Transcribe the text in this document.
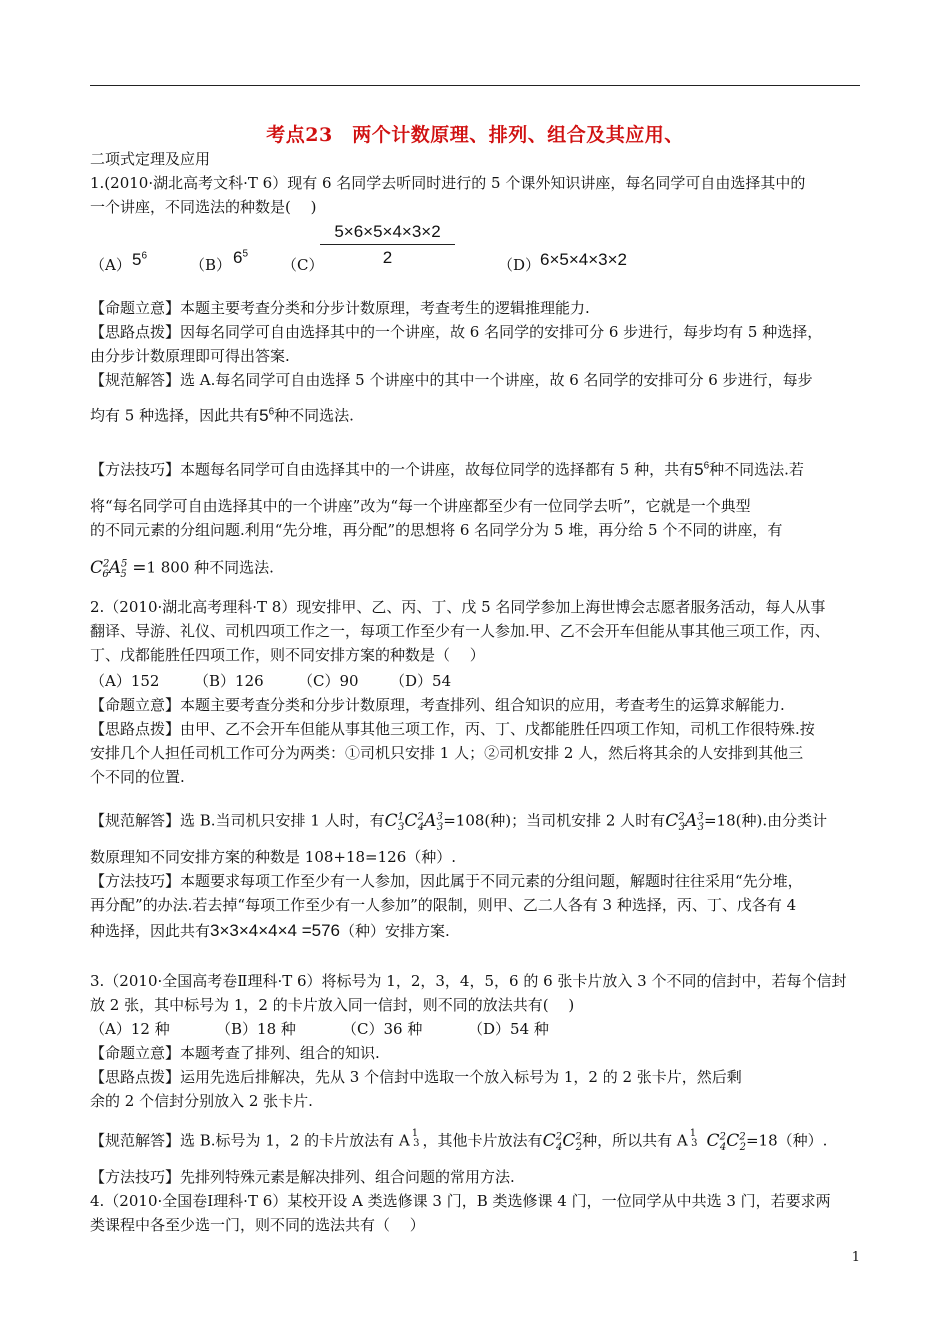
考点23　两个计数原理、排列、组合及其应用、
二项式定理及应用
1.(2010·湖北高考文科·T 6）现有 6 名同学去听同时进行的 5 个课外知识讲座，每名同学可自由选择其中的
一个讲座，不同选法的种数是(　 )
（A） $5^6$
（B） $6^5$
（C）
5×6×5×4×3×2
2	（D） 6×5×4×3×2
【命题立意】本题主要考查分类和分步计数原理，考查考生的逻辑推理能力.
【思路点拨】因每名同学可自由选择其中的一个讲座，故 6 名同学的安排可分 6 步进行，每步均有 5 种选择，
由分步计数原理即可得出答案.
【规范解答】选 A.每名同学可自由选择 5 个讲座中的其中一个讲座，故 6 名同学的安排可分 6 步进行，每步
均有 5 种选择，因此共有$5^6$种不同选法.
【方法技巧】本题每名同学可自由选择其中的一个讲座，故每位同学的选择都有 5 种，共有$5^6$种不同选法.若
将“每名同学可自由选择其中的一个讲座”改为“每一个讲座都至少有一位同学去听”，它就是一个典型
的不同元素的分组问题.利用“先分堆，再分配”的思想将 6 名同学分为 5 堆，再分给 5 个不同的讲座，有
$C^2_6A^5_5 =1$ 800 种不同选法.
2.（2010·湖北高考理科·T 8）现安排甲、乙、丙、丁、戊 5 名同学参加上海世博会志愿者服务活动，每人从事
翻译、导游、礼仪、司机四项工作之一，每项工作至少有一人参加.甲、乙不会开车但能从事其他三项工作，丙、
丁、戊都能胜任四项工作，则不同安排方案的种数是（　 ）
（A）152 （B）126 （C）90 （D）54
【命题立意】本题主要考查分类和分步计数原理，考查排列、组合知识的应用，考查考生的运算求解能力.
【思路点拨】由甲、乙不会开车但能从事其他三项工作，丙、丁、戊都能胜任四项工作知，司机工作很特殊.按
安排几个人担任司机工作可分为两类：①司机只安排 1 人；②司机安排 2 人，然后将其余的人安排到其他三
个不同的位置.
【规范解答】选 B.当司机只安排 1 人时，有$C^1_3C^2_4A^3_3=108$(种)；当司机安排 2 人时有$C^2_3A^3_3=18$(种).由分类计
数原理知不同安排方案的种数是 108+18=126（种）.
【方法技巧】本题要求每项工作至少有一人参加，因此属于不同元素的分组问题，解题时往往采用“先分堆，
再分配”的办法.若去掉“每项工作至少有一人参加”的限制，则甲、乙二人各有 3 种选择，丙、丁、戊各有 4
种选择，因此共有3×3×4×4×4 =576（种）安排方案.
3.（2010·全国高考卷Ⅱ理科·T 6）将标号为 1，2，3，4，5，6 的 6 张卡片放入 3 个不同的信封中，若每个信封
放 2 张，其中标号为 1，2 的卡片放入同一信封，则不同的放法共有(　 )
（A）12 种	（B）18 种	（C）36 种	（D）54 种
【命题立意】本题考查了排列、组合的知识.
【思路点拨】运用先选后排解决，先从 3 个信封中选取一个放入标号为 1，2 的 2 张卡片，然后剩
余的 2 个信封分别放入 2 张卡片.
【规范解答】选 B.标号为 1，2 的卡片放法有 A $^1$3 ，其他卡片放法有$C^2_4C^2_2$种，所以共有 A $^1$3 $C^2_4C^2_2=18$（种）.
【方法技巧】先排列特殊元素是解决排列、组合问题的常用方法.
4.（2010·全国卷Ⅰ理科·T 6）某校开设 A 类选修课 3 门，B 类选修课 4 门，一位同学从中共选 3 门，若要求两
类课程中各至少选一门，则不同的选法共有（　 ）
1
